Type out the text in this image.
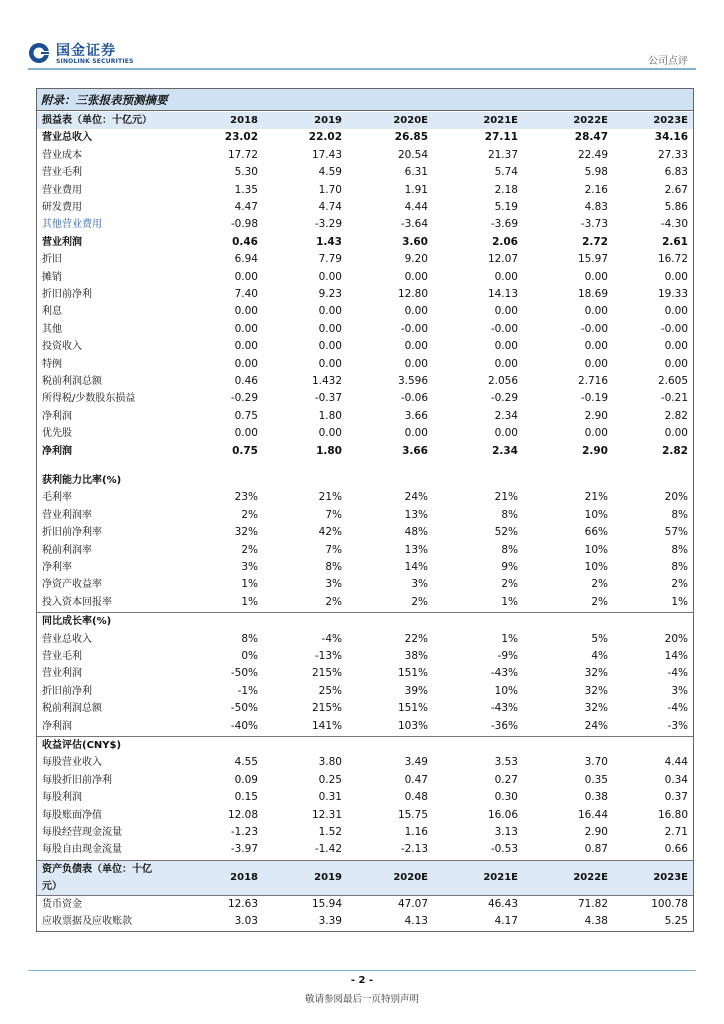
国金证券
SINOLINK SECURITIES	公司点评
附录：三张报表预测摘要
损益表（单位：十亿元）	2018	2019	2020E	2021E	2022E	2023E
营业总收入	23.02	22.02	26.85	27.11	28.47	34.16
营业成本	17.72	17.43	20.54	21.37	22.49	27.33
营业毛利	5.30	4.59	6.31	5.74	5.98	6.83
营业费用	1.35	1.70	1.91	2.18	2.16	2.67
研发费用	4.47	4.74	4.44	5.19	4.83	5.86
其他营业费用	-0.98	-3.29	-3.64	-3.69	-3.73	-4.30
营业利润	0.46	1.43	3.60	2.06	2.72	2.61
折旧	6.94	7.79	9.20	12.07	15.97	16.72
摊销	0.00	0.00	0.00	0.00	0.00	0.00
折旧前净利	7.40	9.23	12.80	14.13	18.69	19.33
利息	0.00	0.00	0.00	0.00	0.00	0.00
其他	0.00	0.00	-0.00	-0.00	-0.00	-0.00
投资收入	0.00	0.00	0.00	0.00	0.00	0.00
特例	0.00	0.00	0.00	0.00	0.00	0.00
税前利润总额	0.46	1.432	3.596	2.056	2.716	2.605
所得税/少数股东损益	-0.29	-0.37	-0.06	-0.29	-0.19	-0.21
净利润	0.75	1.80	3.66	2.34	2.90	2.82
优先股	0.00	0.00	0.00	0.00	0.00	0.00
净利润	0.75	1.80	3.66	2.34	2.90	2.82
获利能力比率(%)
毛利率	23%	21%	24%	21%	21%	20%
营业利润率	2%	7%	13%	8%	10%	8%
折旧前净利率	32%	42%	48%	52%	66%	57%
税前利润率	2%	7%	13%	8%	10%	8%
净利率	3%	8%	14%	9%	10%	8%
净资产收益率	1%	3%	3%	2%	2%	2%
投入资本回报率	1%	2%	2%	1%	2%	1%
同比成长率(%)
营业总收入	8%	-4%	22%	1%	5%	20%
营业毛利	0%	-13%	38%	-9%	4%	14%
营业利润	-50%	215%	151%	-43%	32%	-4%
折旧前净利	-1%	25%	39%	10%	32%	3%
税前利润总额	-50%	215%	151%	-43%	32%	-4%
净利润	-40%	141%	103%	-36%	24%	-3%
收益评估(CNY$)
每股营业收入	4.55	3.80	3.49	3.53	3.70	4.44
每股折旧前净利	0.09	0.25	0.47	0.27	0.35	0.34
每股利润	0.15	0.31	0.48	0.30	0.38	0.37
每股账面净值	12.08	12.31	15.75	16.06	16.44	16.80
每股经营现金流量	-1.23	1.52	1.16	3.13	2.90	2.71
每股自由现金流量	-3.97	-1.42	-2.13	-0.53	0.87	0.66
资产负债表（单位：十亿
元）
2018	2019	2020E	2021E	2022E	2023E
货币资金	12.63	15.94	47.07	46.43	71.82	100.78
应收票据及应收账款	3.03	3.39	4.13	4.17	4.38	5.25
- 2 -
敬请参阅最后一页特别声明
